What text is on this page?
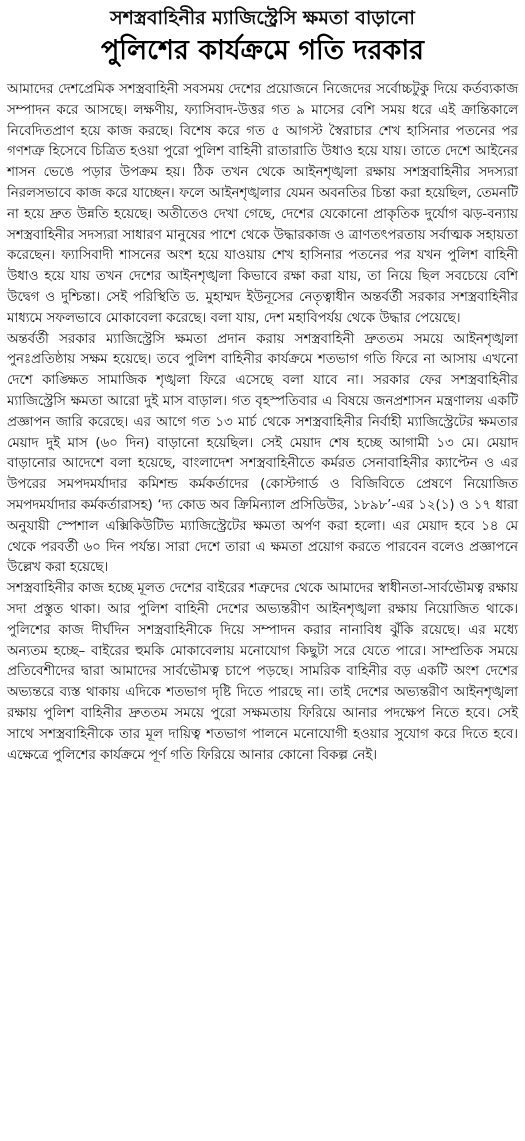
সশস্ত্রবাহিনীর ম্যাজিস্ট্রেসি ক্ষমতা বাড়ানো
পুলিশের কার্যক্রমে গতি দরকার

আমাদের দেশপ্রেমিক সশস্ত্রবাহিনী সবসময় দেশের প্রয়োজনে নিজেদের সর্বোচ্চটুকু দিয়ে কর্তব্যকাজ সম্পাদন করে আসছে। লক্ষণীয়, ফ্যাসিবাদ-উত্তর গত ৯ মাসের বেশি সময় ধরে এই ক্রান্তিকালে নিবেদিতপ্রাণ হয়ে কাজ করছে। বিশেষ করে গত ৫ আগস্ট স্বৈরাচার শেখ হাসিনার পতনের পর গণশত্রু হিসেবে চিত্রিত হওয়া পুরো পুলিশ বাহিনী রাতারাতি উধাও হয়ে যায়। তাতে দেশে আইনের শাসন ভেঙে পড়ার উপক্রম হয়। ঠিক তখন থেকে আইনশৃঙ্খলা রক্ষায় সশস্ত্রবাহিনীর সদস্যরা নিরলসভাবে কাজ করে যাচ্ছেন। ফলে আইনশৃঙ্খলার যেমন অবনতির চিন্তা করা হয়েছিল, তেমনটি না হয়ে দ্রুত উন্নতি হয়েছে। অতীতেও দেখা গেছে, দেশের যেকোনো প্রাকৃতিক দুর্যোগ ঝড়-বন্যায় সশস্ত্রবাহিনীর সদস্যরা সাধারণ মানুষের পাশে থেকে উদ্ধারকাজ ও ত্রাণতৎপরতায় সর্বাত্মক সহায়তা করেছেন। ফ্যাসিবাদী শাসনের অংশ হয়ে যাওয়ায় শেখ হাসিনার পতনের পর যখন পুলিশ বাহিনী উধাও হয়ে যায় তখন দেশের আইনশৃঙ্খলা কিভাবে রক্ষা করা যায়, তা নিয়ে ছিল সবচেয়ে বেশি উদ্বেগ ও দুশ্চিন্তা। সেই পরিস্থিতি ড. মুহাম্মদ ইউনূসের নেতৃত্বাধীন অন্তর্বর্তী সরকার সশস্ত্রবাহিনীর মাধ্যমে সফলভাবে মোকাবেলা করেছে। বলা যায়, দেশ মহাবিপর্যয় থেকে উদ্ধার পেয়েছে।

অন্তর্বর্তী সরকার ম্যাজিস্ট্রেসি ক্ষমতা প্রদান করায় সশস্ত্রবাহিনী দ্রুততম সময়ে আইনশৃঙ্খলা পুনঃপ্রতিষ্ঠায় সক্ষম হয়েছে। তবে পুলিশ বাহিনীর কার্যক্রমে শতভাগ গতি ফিরে না আসায় এখনো দেশে কাঙ্ক্ষিত সামাজিক শৃঙ্খলা ফিরে এসেছে বলা যাবে না। সরকার ফের সশস্ত্রবাহিনীর ম্যাজিস্ট্রেসি ক্ষমতা আরো দুই মাস বাড়াল। গত বৃহস্পতিবার এ বিষয়ে জনপ্রশাসন মন্ত্রণালয় একটি প্রজ্ঞাপন জারি করেছে। এর আগে গত ১৩ মার্চ থেকে সশস্ত্রবাহিনীর নির্বাহী ম্যাজিস্ট্রেটের ক্ষমতার মেয়াদ দুই মাস (৬০ দিন) বাড়ানো হয়েছিল। সেই মেয়াদ শেষ হচ্ছে আগামী ১৩ মে। মেয়াদ বাড়ানোর আদেশে বলা হয়েছে, বাংলাদেশ সশস্ত্রবাহিনীতে কর্মরত সেনাবাহিনীর ক্যাপ্টেন ও এর উপরের সমপদমর্যাদার কমিশন্ড কর্মকর্তাদের (কোস্টগার্ড ও বিজিবিতে প্রেষণে নিয়োজিত সমপদমর্যাদার কর্মকর্তারাসহ) ‘দ্য কোড অব ক্রিমিন্যাল প্রসিডিউর, ১৮৯৮’-এর ১২(১) ও ১৭ ধারা অনুযায়ী স্পেশাল এক্সিকিউটিভ ম্যাজিস্ট্রেটের ক্ষমতা অর্পণ করা হলো। এর মেয়াদ হবে ১৪ মে থেকে পরবর্তী ৬০ দিন পর্যন্ত। সারা দেশে তারা এ ক্ষমতা প্রয়োগ করতে পারবেন বলেও প্রজ্ঞাপনে উল্লেখ করা হয়েছে।

সশস্ত্রবাহিনীর কাজ হচ্ছে মূলত দেশের বাইরের শত্রুদের থেকে আমাদের স্বাধীনতা-সার্বভৌমত্ব রক্ষায় সদা প্রস্তুত থাকা। আর পুলিশ বাহিনী দেশের অভ্যন্তরীণ আইনশৃঙ্খলা রক্ষায় নিয়োজিত থাকে। পুলিশের কাজ দীর্ঘদিন সশস্ত্রবাহিনীকে দিয়ে সম্পাদন করার নানাবিধ ঝুঁকি রয়েছে। এর মধ্যে অন্যতম হচ্ছে– বাইরের হুমকি মোকাবেলায় মনোযোগ কিছুটা সরে যেতে পারে। সাম্প্রতিক সময়ে প্রতিবেশীদের দ্বারা আমাদের সার্বভৌমত্ব চাপে পড়ছে। সামরিক বাহিনীর বড় একটি অংশ দেশের অভ্যন্তরে ব্যস্ত থাকায় এদিকে শতভাগ দৃষ্টি দিতে পারছে না। তাই দেশের অভ্যন্তরীণ আইনশৃঙ্খলা রক্ষায় পুলিশ বাহিনীর দ্রুততম সময়ে পুরো সক্ষমতায় ফিরিয়ে আনার পদক্ষেপ নিতে হবে। সেই সাথে সশস্ত্রবাহিনীকে তার মূল দায়িত্ব শতভাগ পালনে মনোযোগী হওয়ার সুযোগ করে দিতে হবে। এক্ষেত্রে পুলিশের কার্যক্রমে পূর্ণ গতি ফিরিয়ে আনার কোনো বিকল্প নেই।
